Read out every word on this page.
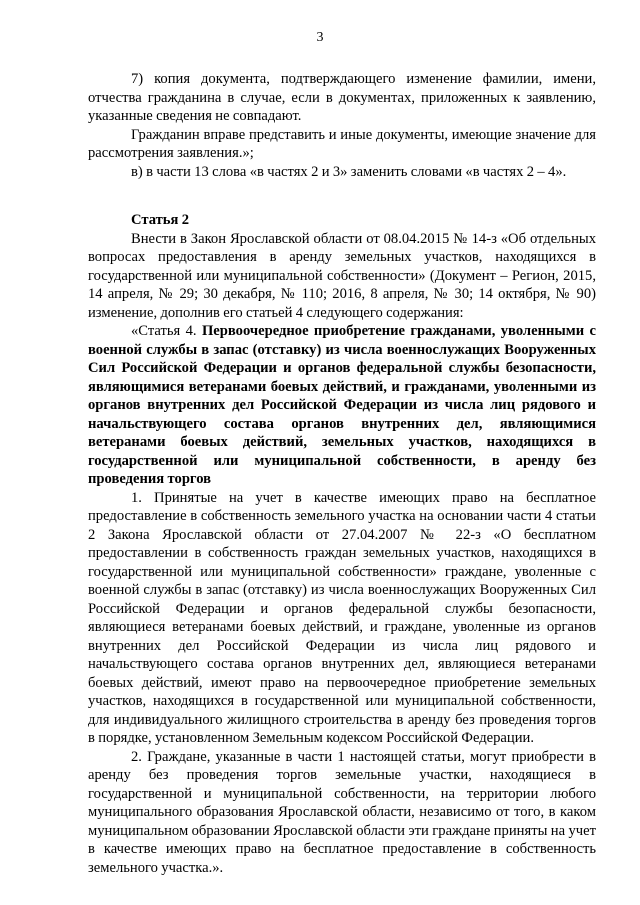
3

7) копия документа, подтверждающего изменение фамилии, имени, отчества гражданина в случае, если в документах, приложенных к заявлению, указанные сведения не совпадают.

Гражданин вправе представить и иные документы, имеющие значение для рассмотрения заявления.»;

в) в части 13 слова «в частях 2 и 3» заменить словами «в частях 2 – 4».

Статья 2

Внести в Закон Ярославской области от 08.04.2015 № 14-з «Об отдельных вопросах предоставления в аренду земельных участков, находящихся в государственной или муниципальной собственности» (Документ – Регион, 2015, 14 апреля, № 29; 30 декабря, № 110; 2016, 8 апреля, № 30; 14 октября, № 90) изменение, дополнив его статьей 4 следующего содержания:

«Статья 4. Первоочередное приобретение гражданами, уволенными с военной службы в запас (отставку) из числа военнослужащих Вооруженных Сил Российской Федерации и органов федеральной службы безопасности, являющимися ветеранами боевых действий, и гражданами, уволенными из органов внутренних дел Российской Федерации из числа лиц рядового и начальствующего состава органов внутренних дел, являющимися ветеранами боевых действий, земельных участков, находящихся в государственной или муниципальной собственности, в аренду без проведения торгов

1. Принятые на учет в качестве имеющих право на бесплатное предоставление в собственность земельного участка на основании части 4 статьи 2 Закона Ярославской области от 27.04.2007 № 22-з «О бесплатном предоставлении в собственность граждан земельных участков, находящихся в государственной или муниципальной собственности» граждане, уволенные с военной службы в запас (отставку) из числа военнослужащих Вооруженных Сил Российской Федерации и органов федеральной службы безопасности, являющиеся ветеранами боевых действий, и граждане, уволенные из органов внутренних дел Российской Федерации из числа лиц рядового и начальствующего состава органов внутренних дел, являющиеся ветеранами боевых действий, имеют право на первоочередное приобретение земельных участков, находящихся в государственной или муниципальной собственности, для индивидуального жилищного строительства в аренду без проведения торгов в порядке, установленном Земельным кодексом Российской Федерации.

2. Граждане, указанные в части 1 настоящей статьи, могут приобрести в аренду без проведения торгов земельные участки, находящиеся в государственной и муниципальной собственности, на территории любого муниципального образования Ярославской области, независимо от того, в каком муниципальном образовании Ярославской области эти граждане приняты на учет в качестве имеющих право на бесплатное предоставление в собственность земельного участка.».
